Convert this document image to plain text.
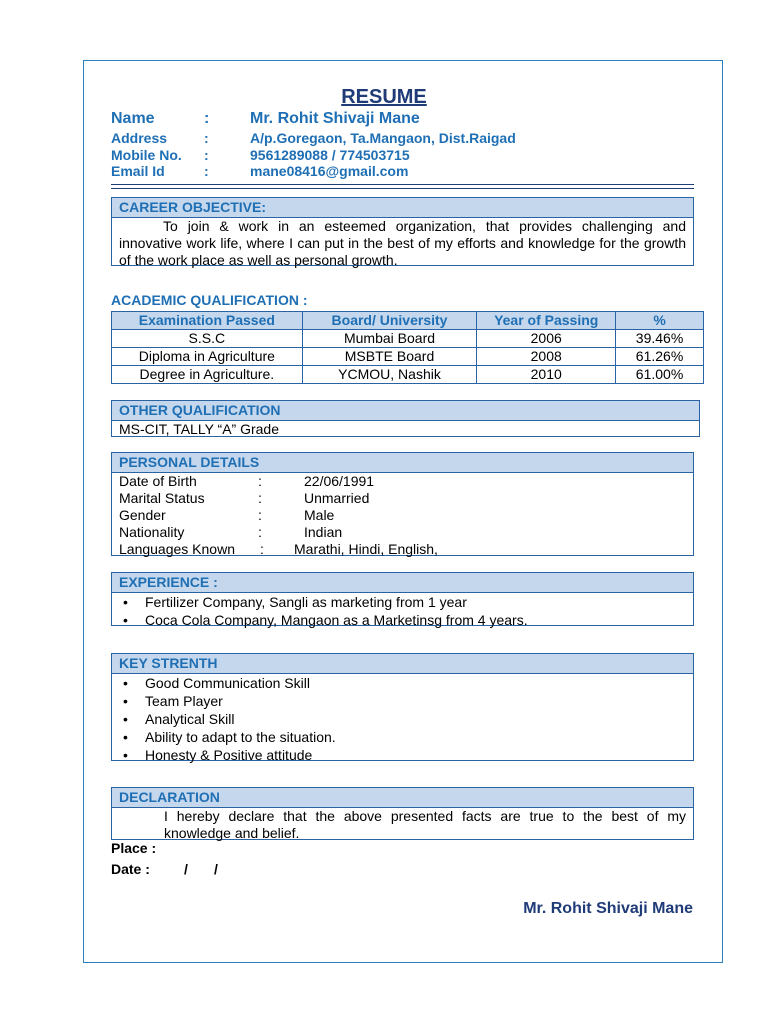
RESUME
Name	:	Mr. Rohit Shivaji Mane
Address	:	A/p.Goregaon, Ta.Mangaon, Dist.Raigad
Mobile No. :	9561289088 / 774503715
Email Id	:	mane08416@gmail.com
CAREER OBJECTIVE:
To join & work in an esteemed organization, that provides challenging and innovative work life, where I can put in the best of my efforts and knowledge for the growth of the work place as well as personal growth.
ACADEMIC QUALIFICATION :
Examination Passed	Board/ University	Year of Passing	%
S.S.C	Mumbai Board	2006	39.46%
Diploma in Agriculture	MSBTE Board	2008	61.26%
Degree in Agriculture.	YCMOU, Nashik	2010	61.00%
OTHER QUALIFICATION
MS-CIT, TALLY “A” Grade
PERSONAL DETAILS
Date of Birth	:	22/06/1991
Marital Status	:	Unmarried
Gender	:	Male
Nationality	:	Indian
Languages Known : Marathi, Hindi, English,
EXPERIENCE :
• Fertilizer Company, Sangli as marketing from 1 year
• Coca Cola Company, Mangaon as a Marketinsg from 4 years.
KEY STRENTH
• Good Communication Skill
• Team Player
• Analytical Skill
• Ability to adapt to the situation.
• Honesty & Positive attitude
DECLARATION
I hereby declare that the above presented facts are true to the best of my knowledge and belief.
Place :
Date : / /
Mr. Rohit Shivaji Mane
